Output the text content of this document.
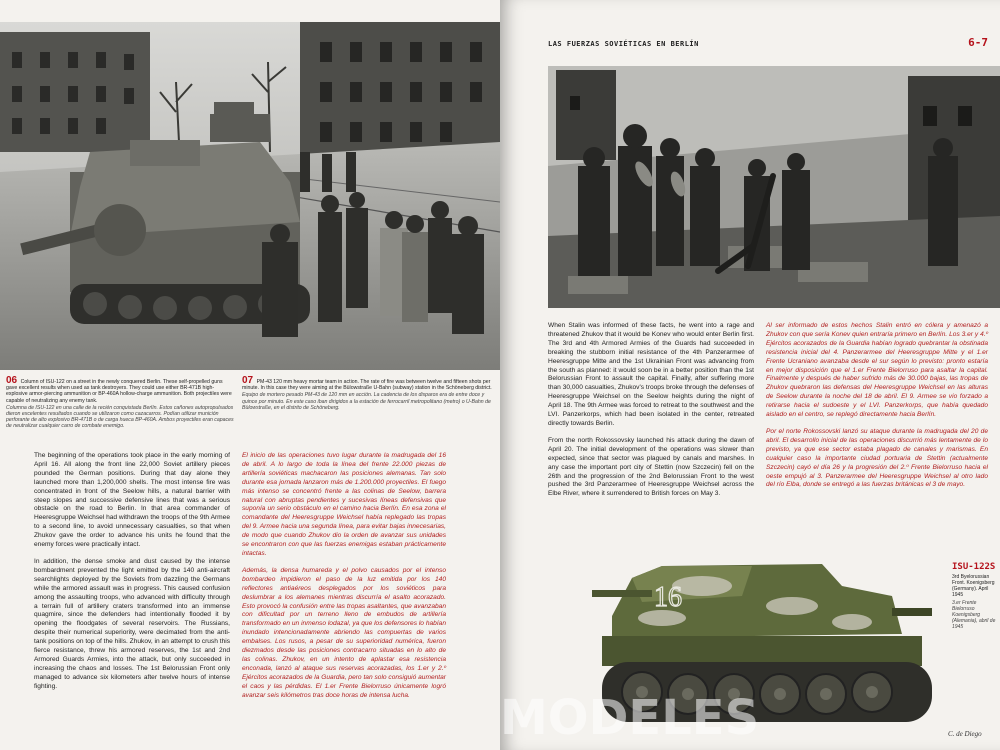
06 Column of ISU-122 on a street in the newly conquered Berlin. These self-propelled guns gave excellent results when used as tank destroyers. They could use either BR-471B high-explosive armor-piercing ammunition or BP-460A hollow-charge ammunition. Both projectiles were capable of neutralizing any enemy tank.
Columna de ISU-122 en una calle de la recién conquistada Berlín. Estos cañones autopropulsados dieron excelentes resultados cuando se utilizaron como cazacarros. Podían utilizar munición perforante de alto explosivo BR-471B o de carga hueca BP-460A. Ambos proyectiles eran capaces de neutralizar cualquier carro de combate enemigo.
07 PM-43 120 mm heavy mortar team in action. The rate of fire was between twelve and fifteen shots per minute. In this case they were aiming at the Bülowstraße U-Bahn (subway) station in the Schöneberg district.
Equipo de mortero pesado PM-43 de 120 mm en acción. La cadencia de los disparos era de entre doce y quince por minuto. En este caso iban dirigidos a la estación de ferrocarril metropolitano (metro) o U-Bahn de Bülowstraße, en el distrito de Schöneberg.

The beginning of the operations took place in the early morning of April 16. All along the front line 22,000 Soviet artillery pieces pounded the German positions. During that day alone they launched more than 1,200,000 shells. The most intense fire was concentrated in front of the Seelow hills, a natural barrier with steep slopes and successive defensive lines that was a serious obstacle on the road to Berlin. In that area commander of Heeresgruppe Weichsel had withdrawn the troops of the 9th Armee to a second line, to avoid unnecessary casualties, so that when Zhukov gave the order to advance his units he found that the enemy forces were practically intact.

In addition, the dense smoke and dust caused by the intense bombardment prevented the light emitted by the 140 anti-aircraft searchlights deployed by the Soviets from dazzling the Germans while the armored assault was in progress. This caused confusion among the assaulting troops, who advanced with difficulty through a terrain full of artillery craters transformed into an immense quagmire, since the defenders had intentionally flooded it by opening the floodgates of several reservoirs. The Russians, despite their numerical superiority, were decimated from the anti-tank positions on top of the hills. Zhukov, in an attempt to crush this fierce resistance, threw his armored reserves, the 1st and 2nd Armored Guards Armies, into the attack, but only succeeded in increasing the chaos and losses. The 1st Belorussian Front only managed to advance six kilometers after twelve hours of intense fighting.

El inicio de las operaciones tuvo lugar durante la madrugada del 16 de abril. A lo largo de toda la línea del frente 22.000 piezas de artillería soviéticas machacaron las posiciones alemanas. Tan solo durante esa jornada lanzaron más de 1.200.000 proyectiles. El fuego más intenso se concentró frente a las colinas de Seelow, barrera natural con abruptas pendientes y sucesivas líneas defensivas que suponía un serio obstáculo en el camino hacia Berlín. En esa zona el comandante del Heeresgruppe Weichsel había replegado las tropas del 9. Armee hacia una segunda línea, para evitar bajas innecesarias, de modo que cuando Zhukov dio la orden de avanzar sus unidades se encontraron con que las fuerzas enemigas estaban prácticamente intactas.

Además, la densa humareda y el polvo causados por el intenso bombardeo impidieron el paso de la luz emitida por los 140 reflectores antiaéreos desplegados por los soviéticos para deslumbrar a los alemanes mientras discurría el asalto acorazado. Esto provocó la confusión entre las tropas asaltantes, que avanzaban con dificultad por un terreno lleno de embudos de artillería transformado en un inmenso lodazal, ya que los defensores lo habían inundado intencionadamente abriendo las compuertas de varios embalses. Los rusos, a pesar de su superioridad numérica, fueron diezmados desde las posiciones contracarro situadas en lo alto de las colinas. Zhukov, en un intento de aplastar esa resistencia enconada, lanzó al ataque sus reservas acorazadas, los 1.er y 2.º Ejércitos acorazados de la Guardia, pero tan solo consiguió aumentar el caos y las pérdidas. El 1.er Frente Bielorruso únicamente logró avanzar seis kilómetros tras doce horas de intensa lucha.

LAS FUERZAS SOVIÉTICAS EN BERLÍN	6-7

When Stalin was informed of these facts, he went into a rage and threatened Zhukov that it would be Konev who would enter Berlin first. The 3rd and 4th Armored Armies of the Guards had succeeded in breaking the stubborn initial resistance of the 4th Panzerarmee of Heeresgruppe Mitte and the 1st Ukrainian Front was advancing from the south as planned: it would soon be in a better position than the 1st Belorussian Front to assault the capital. Finally, after suffering more than 30,000 casualties, Zhukov's troops broke through the defenses of Heeresgruppe Weichsel on the Seelow heights during the night of April 18. The 9th Armee was forced to retreat to the southwest and the LVI. Panzerkorps, which had been isolated in the center, retreated directly towards Berlin.

From the north Rokossovsky launched his attack during the dawn of April 20. The initial development of the operations was slower than expected, since that sector was plagued by canals and marshes. In any case the important port city of Stettin (now Szczecin) fell on the 26th and the progression of the 2nd Belorussian Front to the west pushed the 3rd Panzerarmee of Heeresgruppe Weichsel across the Elbe River, where it surrendered to British forces on May 3.

Al ser informado de estos hechos Stalin entró en cólera y amenazó a Zhukov con que sería Konev quien entraría primero en Berlín. Los 3.er y 4.º Ejércitos acorazados de la Guardia habían logrado quebrantar la obstinada resistencia inicial del 4. Panzerarmee del Heeresgruppe Mitte y el 1.er Frente Ucraniano avanzaba desde el sur según lo previsto: pronto estaría en mejor disposición que el 1.er Frente Bielorruso para asaltar la capital. Finalmente y después de haber sufrido más de 30.000 bajas, las tropas de Zhukov quebraron las defensas del Heeresgruppe Weichsel en las alturas de Seelow durante la noche del 18 de abril. El 9. Armee se vio forzado a retirarse hacia el sudoeste y el LVI. Panzerkorps, que había quedado aislado en el centro, se replegó directamente hacia Berlín.

Por el norte Rokossovski lanzó su ataque durante la madrugada del 20 de abril. El desarrollo inicial de las operaciones discurrió más lentamente de lo previsto, ya que ese sector estaba plagado de canales y marismas. En cualquier caso la importante ciudad portuaria de Stettin (actualmente Szczecin) cayó el día 26 y la progresión del 2.º Frente Bielorruso hacia el oeste empujó al 3. Panzerarmee del Heeresgruppe Weichsel al otro lado del río Elba, donde se entregó a las fuerzas británicas el 3 de mayo.

16
ISU-122S
3rd Byelorussian Front. Koenigsberg (Germany). April 1945
3.er Frente Bielorruso Koenigsberg (Alemania), abril de 1945
C. de Diego
MODELES
